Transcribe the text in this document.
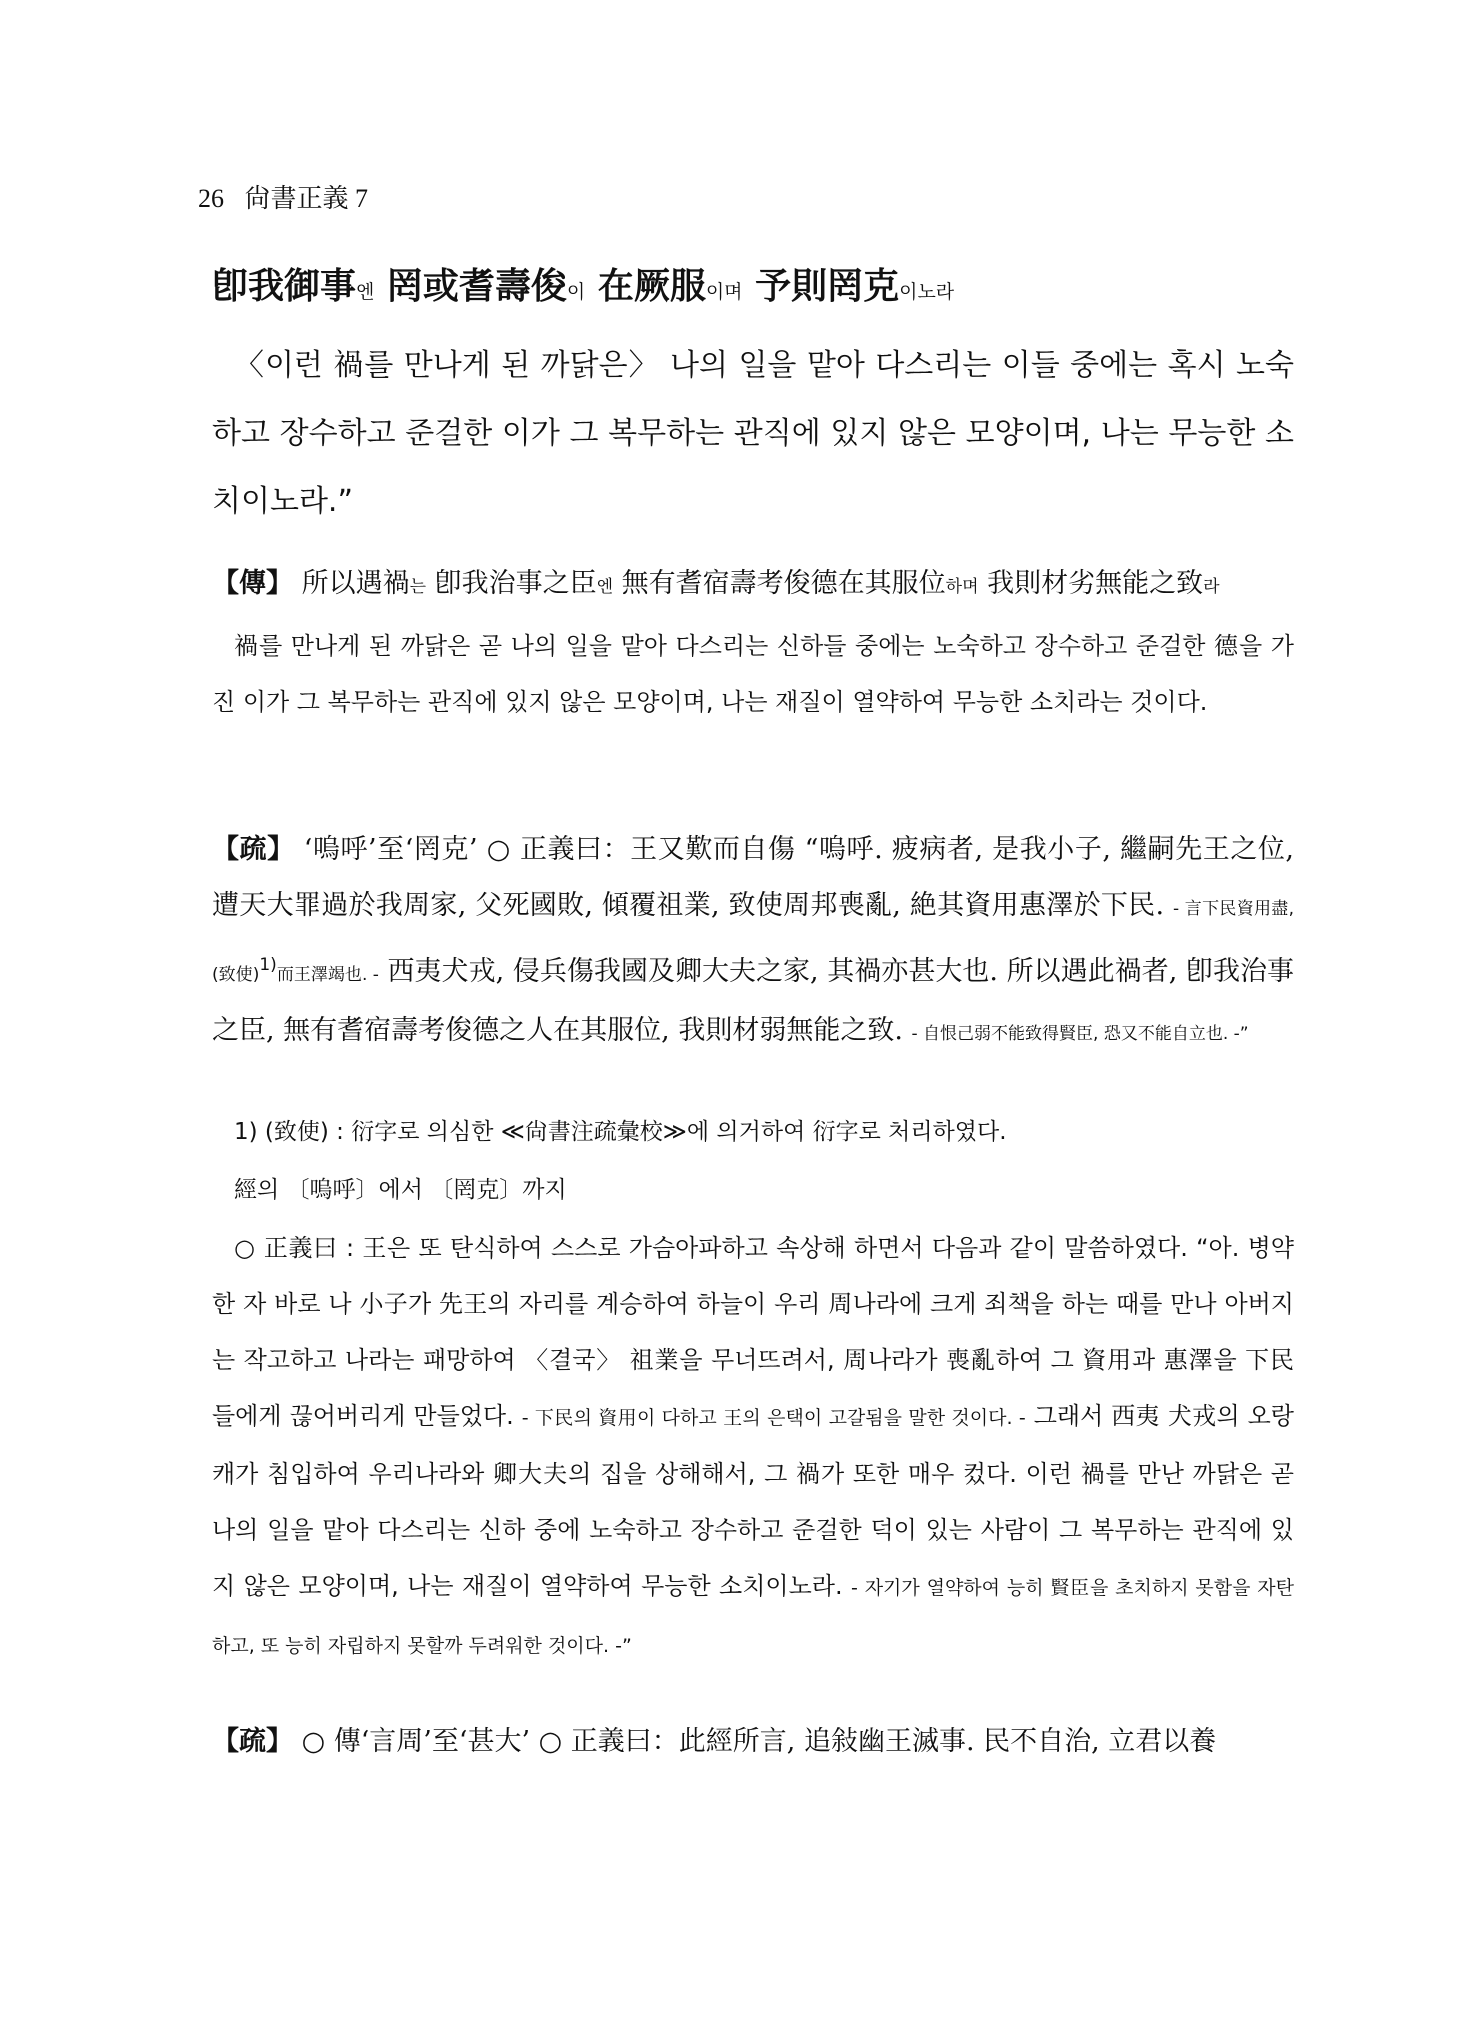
26 尙書正義 7
卽我御事엔 罔或耆壽俊이 在厥服이며 予則罔克이노라
〈이런 禍를 만나게 된 까닭은〉 나의 일을 맡아 다스리는 이들 중에는 혹시 노숙하고 장수하고 준걸한 이가 그 복무하는 관직에 있지 않은 모양이며, 나는 무능한 소치이노라.”
【傳】 所以遇禍는 卽我治事之臣엔 無有耆宿壽考俊德在其服位하며 我則材劣無能之致라
禍를 만나게 된 까닭은 곧 나의 일을 맡아 다스리는 신하들 중에는 노숙하고 장수하고 준걸한 德을 가진 이가 그 복무하는 관직에 있지 않은 모양이며, 나는 재질이 열약하여 무능한 소치라는 것이다.
【疏】 ‘嗚呼’至‘罔克’ ○ 正義曰：王又歎而自傷 “嗚呼. 疲病者, 是我小子, 繼嗣先王之位, 遭天大罪過於我周家, 父死國敗, 傾覆祖業, 致使周邦喪亂, 絶其資用惠澤於下民. - 言下民資用盡, (致使)$^{1)}$而王澤竭也. - 西夷犬戎, 侵兵傷我國及卿大夫之家, 其禍亦甚大也. 所以遇此禍者, 卽我治事之臣, 無有耆宿壽考俊德之人在其服位, 我則材弱無能之致. - 自恨己弱不能致得賢臣, 恐又不能自立也. -”
1) (致使) : 衍字로 의심한 ≪尙書注疏彙校≫에 의거하여 衍字로 처리하였다.
經의 〔嗚呼〕에서 〔罔克〕까지
○ 正義曰 : 王은 또 탄식하여 스스로 가슴아파하고 속상해 하면서 다음과 같이 말씀하였다. “아. 병약한 자 바로 나 小子가 先王의 자리를 계승하여 하늘이 우리 周나라에 크게 죄책을 하는 때를 만나 아버지는 작고하고 나라는 패망하여 〈결국〉 祖業을 무너뜨려서, 周나라가 喪亂하여 그 資用과 惠澤을 下民들에게 끊어버리게 만들었다. - 下民의 資用이 다하고 王의 은택이 고갈됨을 말한 것이다. - 그래서 西夷 犬戎의 오랑캐가 침입하여 우리나라와 卿大夫의 집을 상해해서, 그 禍가 또한 매우 컸다. 이런 禍를 만난 까닭은 곧 나의 일을 맡아 다스리는 신하 중에 노숙하고 장수하고 준걸한 덕이 있는 사람이 그 복무하는 관직에 있지 않은 모양이며, 나는 재질이 열약하여 무능한 소치이노라. - 자기가 열약하여 능히 賢臣을 초치하지 못함을 자탄하고, 또 능히 자립하지 못할까 두려워한 것이다. -”
【疏】 ○ 傳‘言周’至‘甚大’ ○ 正義曰：此經所言, 追敍幽王滅事. 民不自治, 立君以養
